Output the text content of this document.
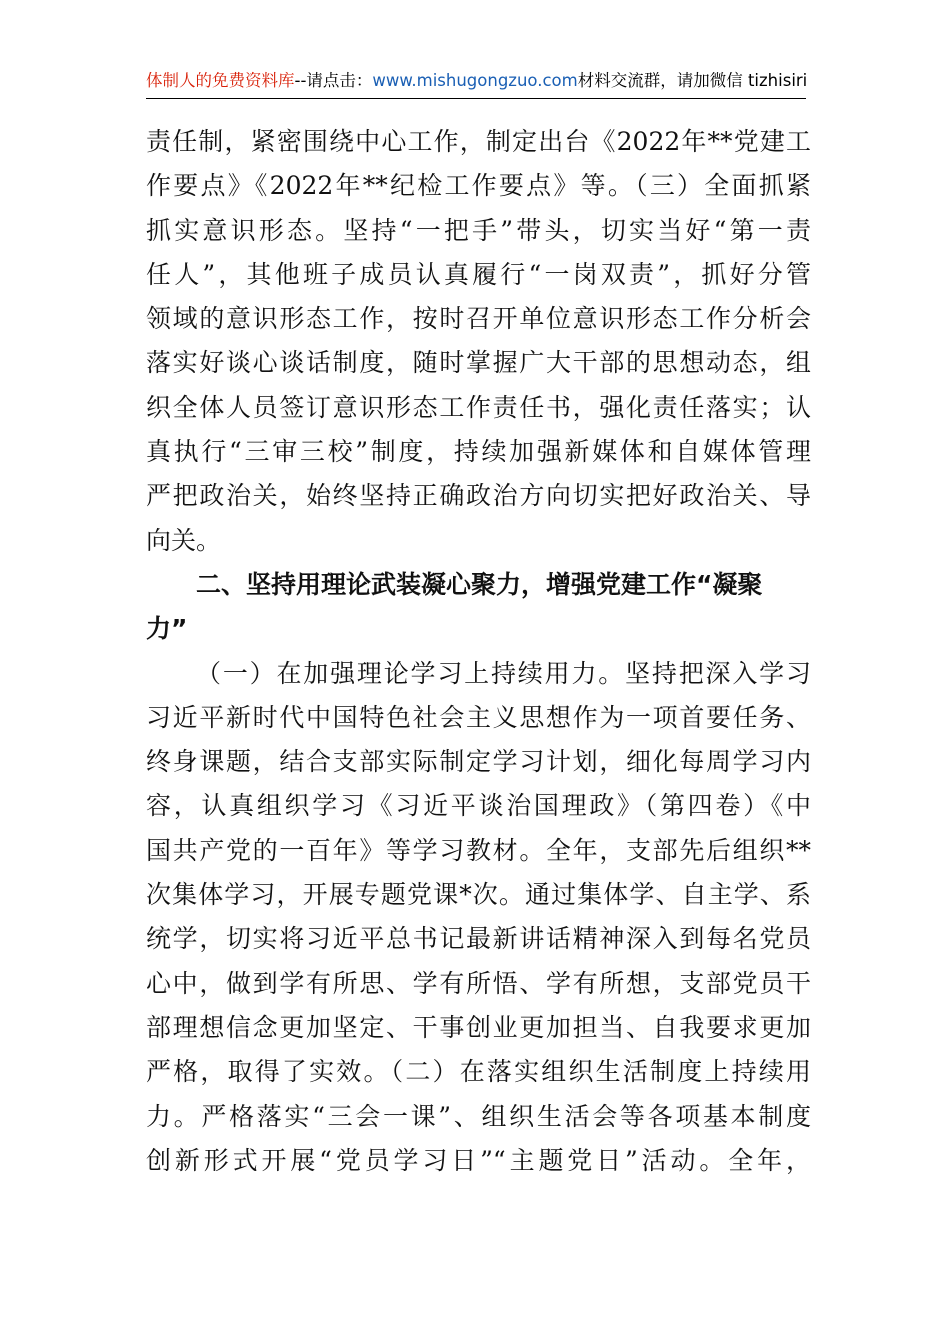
体制人的免费资料库--请点击：www.mishugongzuo.com材料交流群，请加微信 tizhisiri
责任制，紧密围绕中心工作，制定出台《2022年**党建工
作要点》《2022年**纪检工作要点》等。（三）全面抓紧
抓实意识形态。坚持“一把手”带头，切实当好“第一责
任人”，其他班子成员认真履行“一岗双责”，抓好分管
领域的意识形态工作，按时召开单位意识形态工作分析会
落实好谈心谈话制度，随时掌握广大干部的思想动态，组
织全体人员签订意识形态工作责任书，强化责任落实；认
真执行“三审三校”制度，持续加强新媒体和自媒体管理
严把政治关，始终坚持正确政治方向切实把好政治关、导
向关。
二、坚持用理论武装凝心聚力，增强党建工作“凝聚
力”
（一）在加强理论学习上持续用力。坚持把深入学习
习近平新时代中国特色社会主义思想作为一项首要任务、
终身课题，结合支部实际制定学习计划，细化每周学习内
容，认真组织学习《习近平谈治国理政》（第四卷）《中
国共产党的一百年》等学习教材。全年，支部先后组织**
次集体学习，开展专题党课*次。通过集体学、自主学、系
统学，切实将习近平总书记最新讲话精神深入到每名党员
心中，做到学有所思、学有所悟、学有所想，支部党员干
部理想信念更加坚定、干事创业更加担当、自我要求更加
严格，取得了实效。（二）在落实组织生活制度上持续用
力。严格落实“三会一课”、组织生活会等各项基本制度
创新形式开展“党员学习日”“主题党日”活动。全年，
